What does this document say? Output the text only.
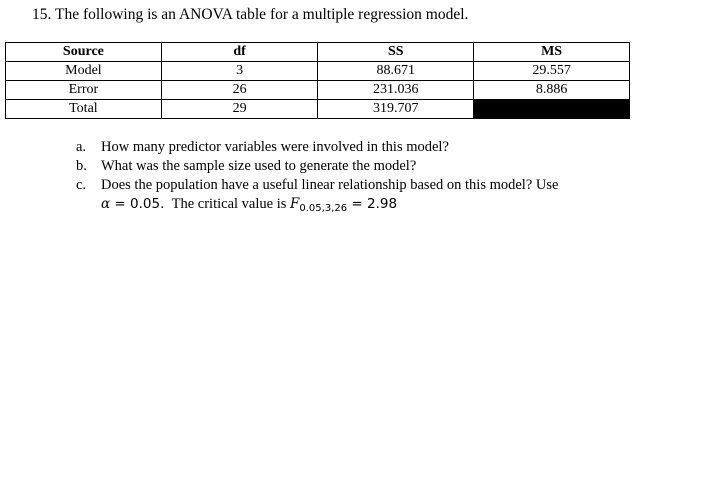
15. The following is an ANOVA table for a multiple regression model.
Source	df	SS	MS
Model	3	88.671	29.557
Error	26	231.036	8.886
Total	29	319.707	
a. How many predictor variables were involved in this model?
b. What was the sample size used to generate the model?
c. Does the population have a useful linear relationship based on this model? Use
α = 0.05.  The critical value is $F_{0.05,3,26} = 2.98$
